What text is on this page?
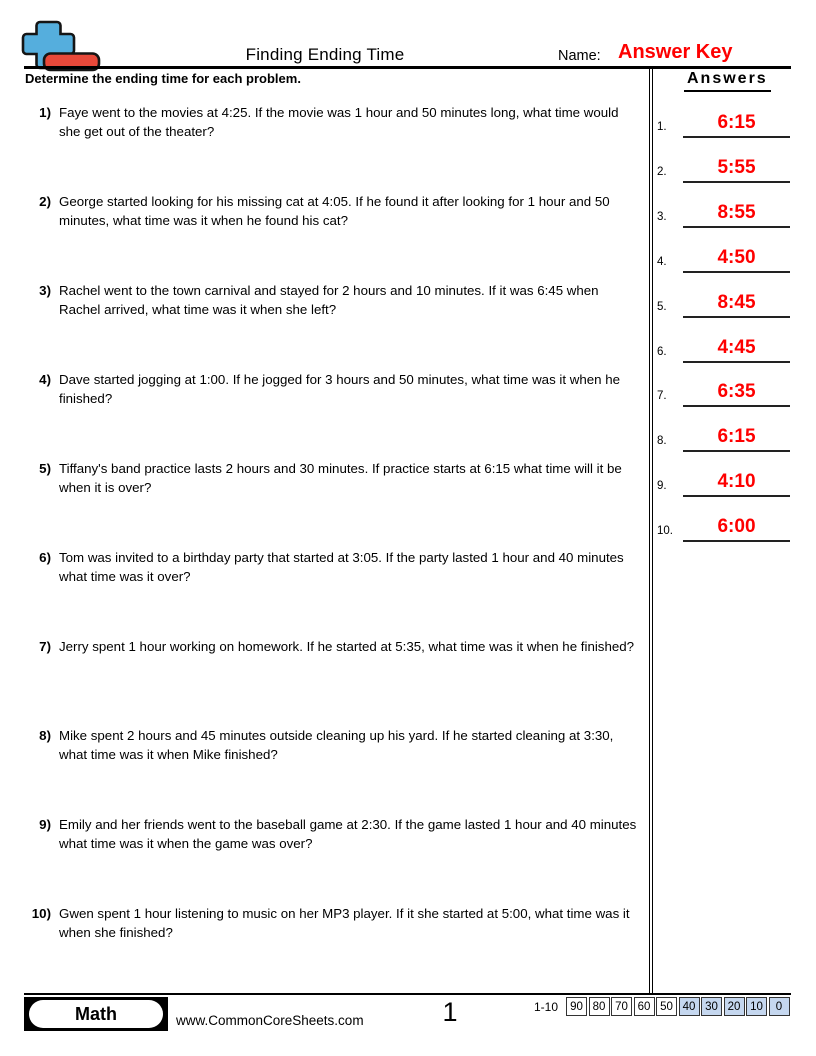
Finding Ending Time	Name: Answer Key
Determine the ending time for each problem.	Answers
1) Faye went to the movies at 4:25. If the movie was 1 hour and 50 minutes long, what time would she get out of the theater?
2) George started looking for his missing cat at 4:05. If he found it after looking for 1 hour and 50 minutes, what time was it when he found his cat?
3) Rachel went to the town carnival and stayed for 2 hours and 10 minutes. If it was 6:45 when Rachel arrived, what time was it when she left?
4) Dave started jogging at 1:00. If he jogged for 3 hours and 50 minutes, what time was it when he finished?
5) Tiffany's band practice lasts 2 hours and 30 minutes. If practice starts at 6:15 what time will it be when it is over?
6) Tom was invited to a birthday party that started at 3:05. If the party lasted 1 hour and 40 minutes what time was it over?
7) Jerry spent 1 hour working on homework. If he started at 5:35, what time was it when he finished?
8) Mike spent 2 hours and 45 minutes outside cleaning up his yard. If he started cleaning at 3:30, what time was it when Mike finished?
9) Emily and her friends went to the baseball game at 2:30. If the game lasted 1 hour and 40 minutes what time was it when the game was over?
10) Gwen spent 1 hour listening to music on her MP3 player. If it she started at 5:00, what time was it when she finished?
1.	6:15
2.	5:55
3.	8:55
4.	4:50
5.	8:45
6.	4:45
7.	6:35
8.	6:15
9.	4:10
10.	6:00
Math	www.CommonCoreSheets.com	1	1-10	90 80 70 60 50 40 30 20 10	0
